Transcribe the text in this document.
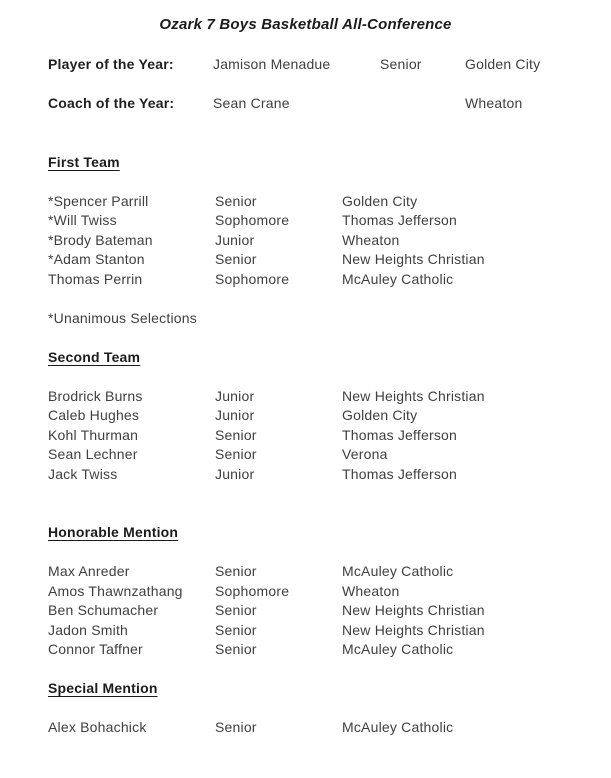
Ozark 7 Boys Basketball All-Conference
Player of the Year:	Jamison Menadue	Senior	Golden City
Coach of the Year:	Sean Crane	Wheaton
First Team
*Spencer Parrill	Senior	Golden City
*Will Twiss	Sophomore	Thomas Jefferson
*Brody Bateman	Junior	Wheaton
*Adam Stanton	Senior	New Heights Christian
Thomas Perrin	Sophomore	McAuley Catholic
*Unanimous Selections
Second Team
Brodrick Burns	Junior	New Heights Christian
Caleb Hughes	Junior	Golden City
Kohl Thurman	Senior	Thomas Jefferson
Sean Lechner	Senior	Verona
Jack Twiss	Junior	Thomas Jefferson
Honorable Mention
Max Anreder	Senior	McAuley Catholic
Amos Thawnzathang Sophomore	Wheaton
Ben Schumacher	Senior	New Heights Christian
Jadon Smith	Senior	New Heights Christian
Connor Taffner	Senior	McAuley Catholic
Special Mention
Alex Bohachick	Senior	McAuley Catholic
